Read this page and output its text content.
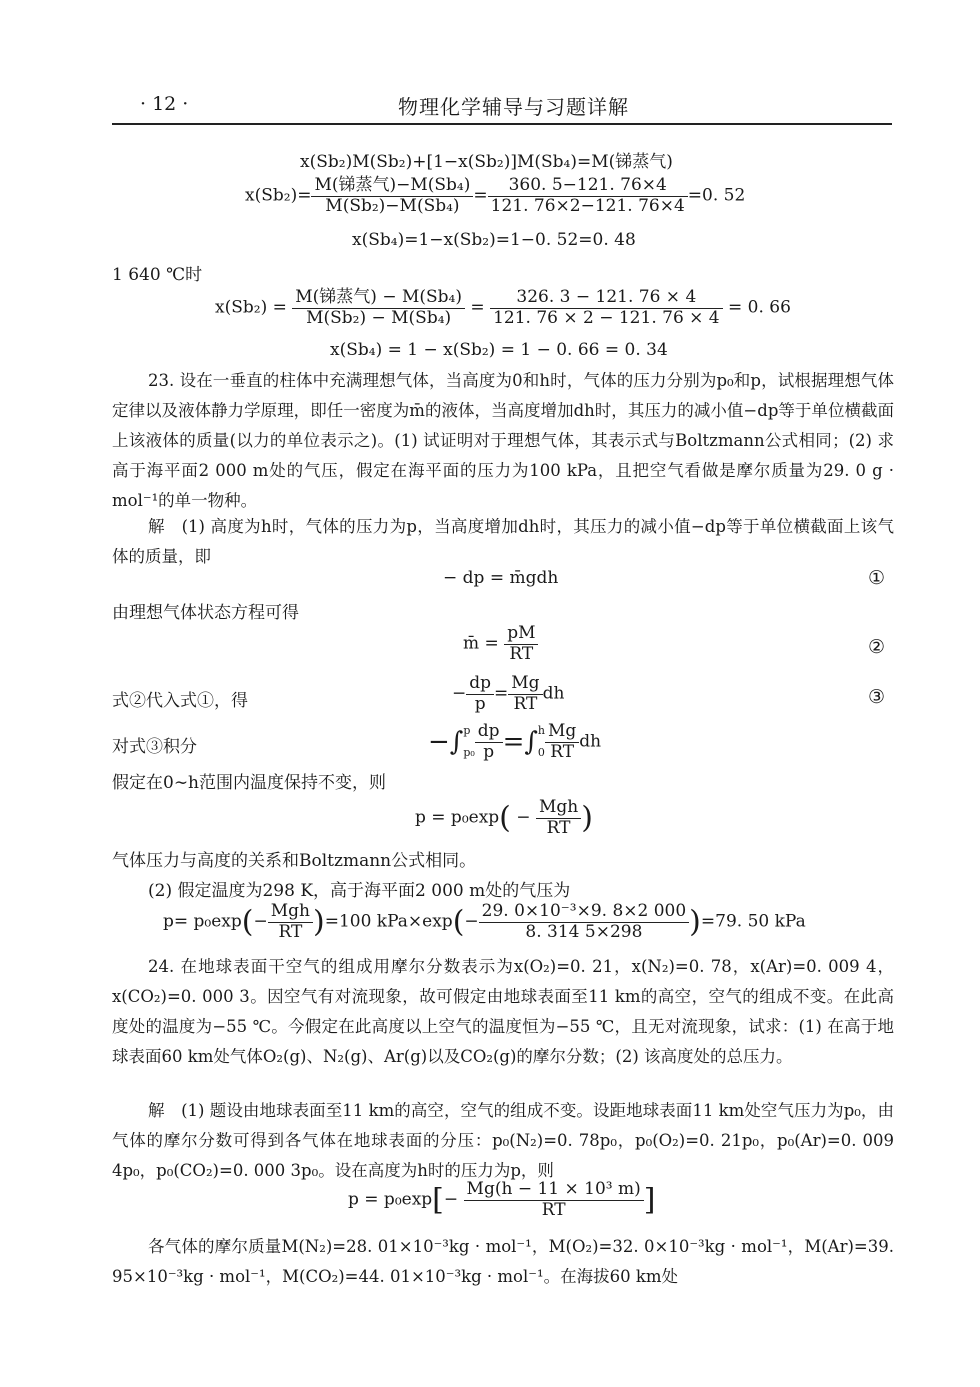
· 12 ·	物理化学辅导与习题详解
x(Sb₂)M(Sb₂)+[1−x(Sb₂)]M(Sb₄)=M(锑蒸气)
$x(Sb_2)= \frac{\text{M(锑蒸气)−M(Sb₄)}}{\text{M(Sb₂)−M(Sb₄)}} = \frac{360. 5-121. 76\times 4}{121. 76\times 2-121. 76\times 4} =0$. 52
x(Sb₄)=1−x(Sb₂)=1−0. 52=0. 48
1 640 ℃时
$x(Sb_2) = \frac{\text{M(锑蒸气) − M(Sb₄)}}{\text{M(Sb₂) − M(Sb₄)}} = \frac{326. 3 - 121. 76 \times 4}{121. 76 \times 2 - 121. 76 \times 4} = 0$. 66
x(Sb₄) = 1 − x(Sb₂) = 1 − 0. 66 = 0. 34

23. 设在一垂直的柱体中充满理想气体，当高度为0和h时，气体的压力分别为p₀和p，试根据理想气体定律以及液体静力学原理，即任一密度为m̄的液体，当高度增加dh时，其压力的减小值−dp等于单位横截面上该液体的质量(以力的单位表示之)。(1) 试证明对于理想气体，其表示式与Boltzmann公式相同；(2) 求高于海平面2 000 m处的气压，假定在海平面的压力为100 kPa，且把空气看做是摩尔质量为29. 0 g · mol⁻¹的单一物种。

解　(1) 高度为h时，气体的压力为p，当高度增加dh时，其压力的减小值−dp等于单位横截面上该气体的质量，即

− dp = m̄gdh	①
由理想气体状态方程可得
m̄ = $\frac{pM}{RT}$	②
式②代入式①，得	− $\frac{dp}{p} = \frac{Mg}{RT}$ dh	③
对式③积分	−∫ p
$p_0 \frac{dp}{p}$ =∫ h
$0 \frac{Mg}{RT}$ dh
假定在0∼h范围内温度保持不变，则
$p = p_0\exp( - \frac{\text{Mgh}}{RT}$ )
气体压力与高度的关系和Boltzmann公式相同。
(2) 假定温度为298 K，高于海平面2 000 m处的气压为
$p= p_0\exp(- \frac{\text{Mgh}}{RT} )=100$ $kPa\times\exp(- \frac{\text{29. 0×10⁻³×9. 8×2 000}}{8. 314 5\times 298} )=79$. 50 kPa

24. 在地球表面干空气的组成用摩尔分数表示为x(O₂)=0. 21，x(N₂)=0. 78，x(Ar)=0. 009 4，x(CO₂)=0. 000 3。因空气有对流现象，故可假定由地球表面至11 km的高空，空气的组成不变。在此高度处的温度为−55 ℃。今假定在此高度以上空气的温度恒为−55 ℃，且无对流现象，试求：(1) 在高于地球表面60 km处气体O₂(g)、N₂(g)、Ar(g)以及CO₂(g)的摩尔分数；(2) 该高度处的总压力。

解　(1) 题设由地球表面至11 km的高空，空气的组成不变。设距地球表面11 km处空气压力为p₀，由气体的摩尔分数可得到各气体在地球表面的分压：p₀(N₂)=0. 78p₀，p₀(O₂)=0. 21p₀，p₀(Ar)=0. 009 4p₀，p₀(CO₂)=0. 000 3p₀。设在高度为h时的压力为p，则

$p = p_0\exp[- \frac{\text{Mg(h − 11 × 10³ m)}}{RT}$ ]

各气体的摩尔质量M(N₂)=28. 01×10⁻³kg · mol⁻¹，M(O₂)=32. 0×10⁻³kg · mol⁻¹，M(Ar)=39. 95×10⁻³kg · mol⁻¹，M(CO₂)=44. 01×10⁻³kg · mol⁻¹。在海拔60 km处
